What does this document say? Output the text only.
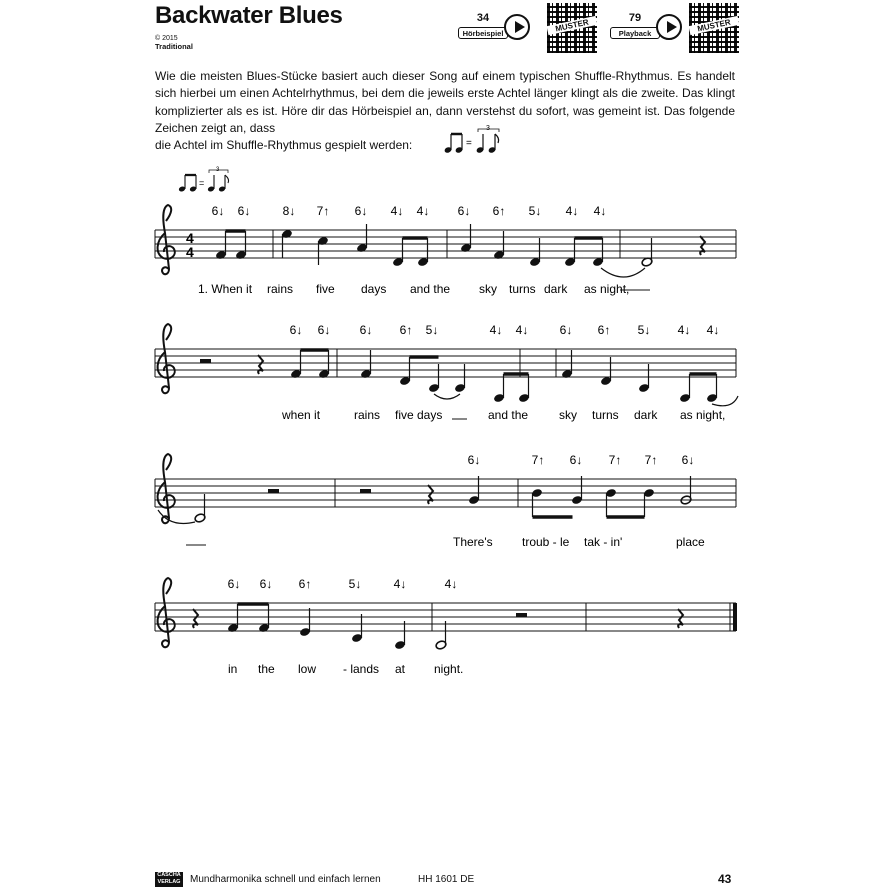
Backwater Blues
© 2015
Traditional
34
Hörbeispiel
MUSTER	79
Playback
MUSTER

Wie die meisten Blues-Stücke basiert auch dieser Song auf einem typischen Shuffle-Rhythmus. Es handelt sich hierbei um einen Achtelrhythmus, bei dem die jeweils erste Achtel länger klingt als die zweite. Das klingt komplizierter als es ist. Höre dir das Hörbeispiel an, dann verstehst du sofort, was gemeint ist. Das folgende Zeichen zeigt an, dass

die Achtel im Shuffle-Rhythmus gespielt werden:	=
3
=
3
4
4
6↓ 6↓	8↓ 7↑ 6↓ 4↓ 4↓ 6↓ 6↑ 5↓ 4↓ 4↓
1. When it rains five days and the sky turns dark as night,
6↓ 6↓ 6↓ 6↑ 5↓	4↓ 4↓	6↓ 6↑ 5↓ 4↓ 4↓
when it	rains five days	and the	sky turns dark as night,
6↓	7↑ 6↓ 7↑ 7↑ 6↓
There's troub - le tak - in'	place
6↓ 6↓ 6↑	5↓	4↓	4↓
in the low - lands at night.
CASCHA
VERLAG Mundharmonika schnell und einfach lernen	HH 1601 DE	43
